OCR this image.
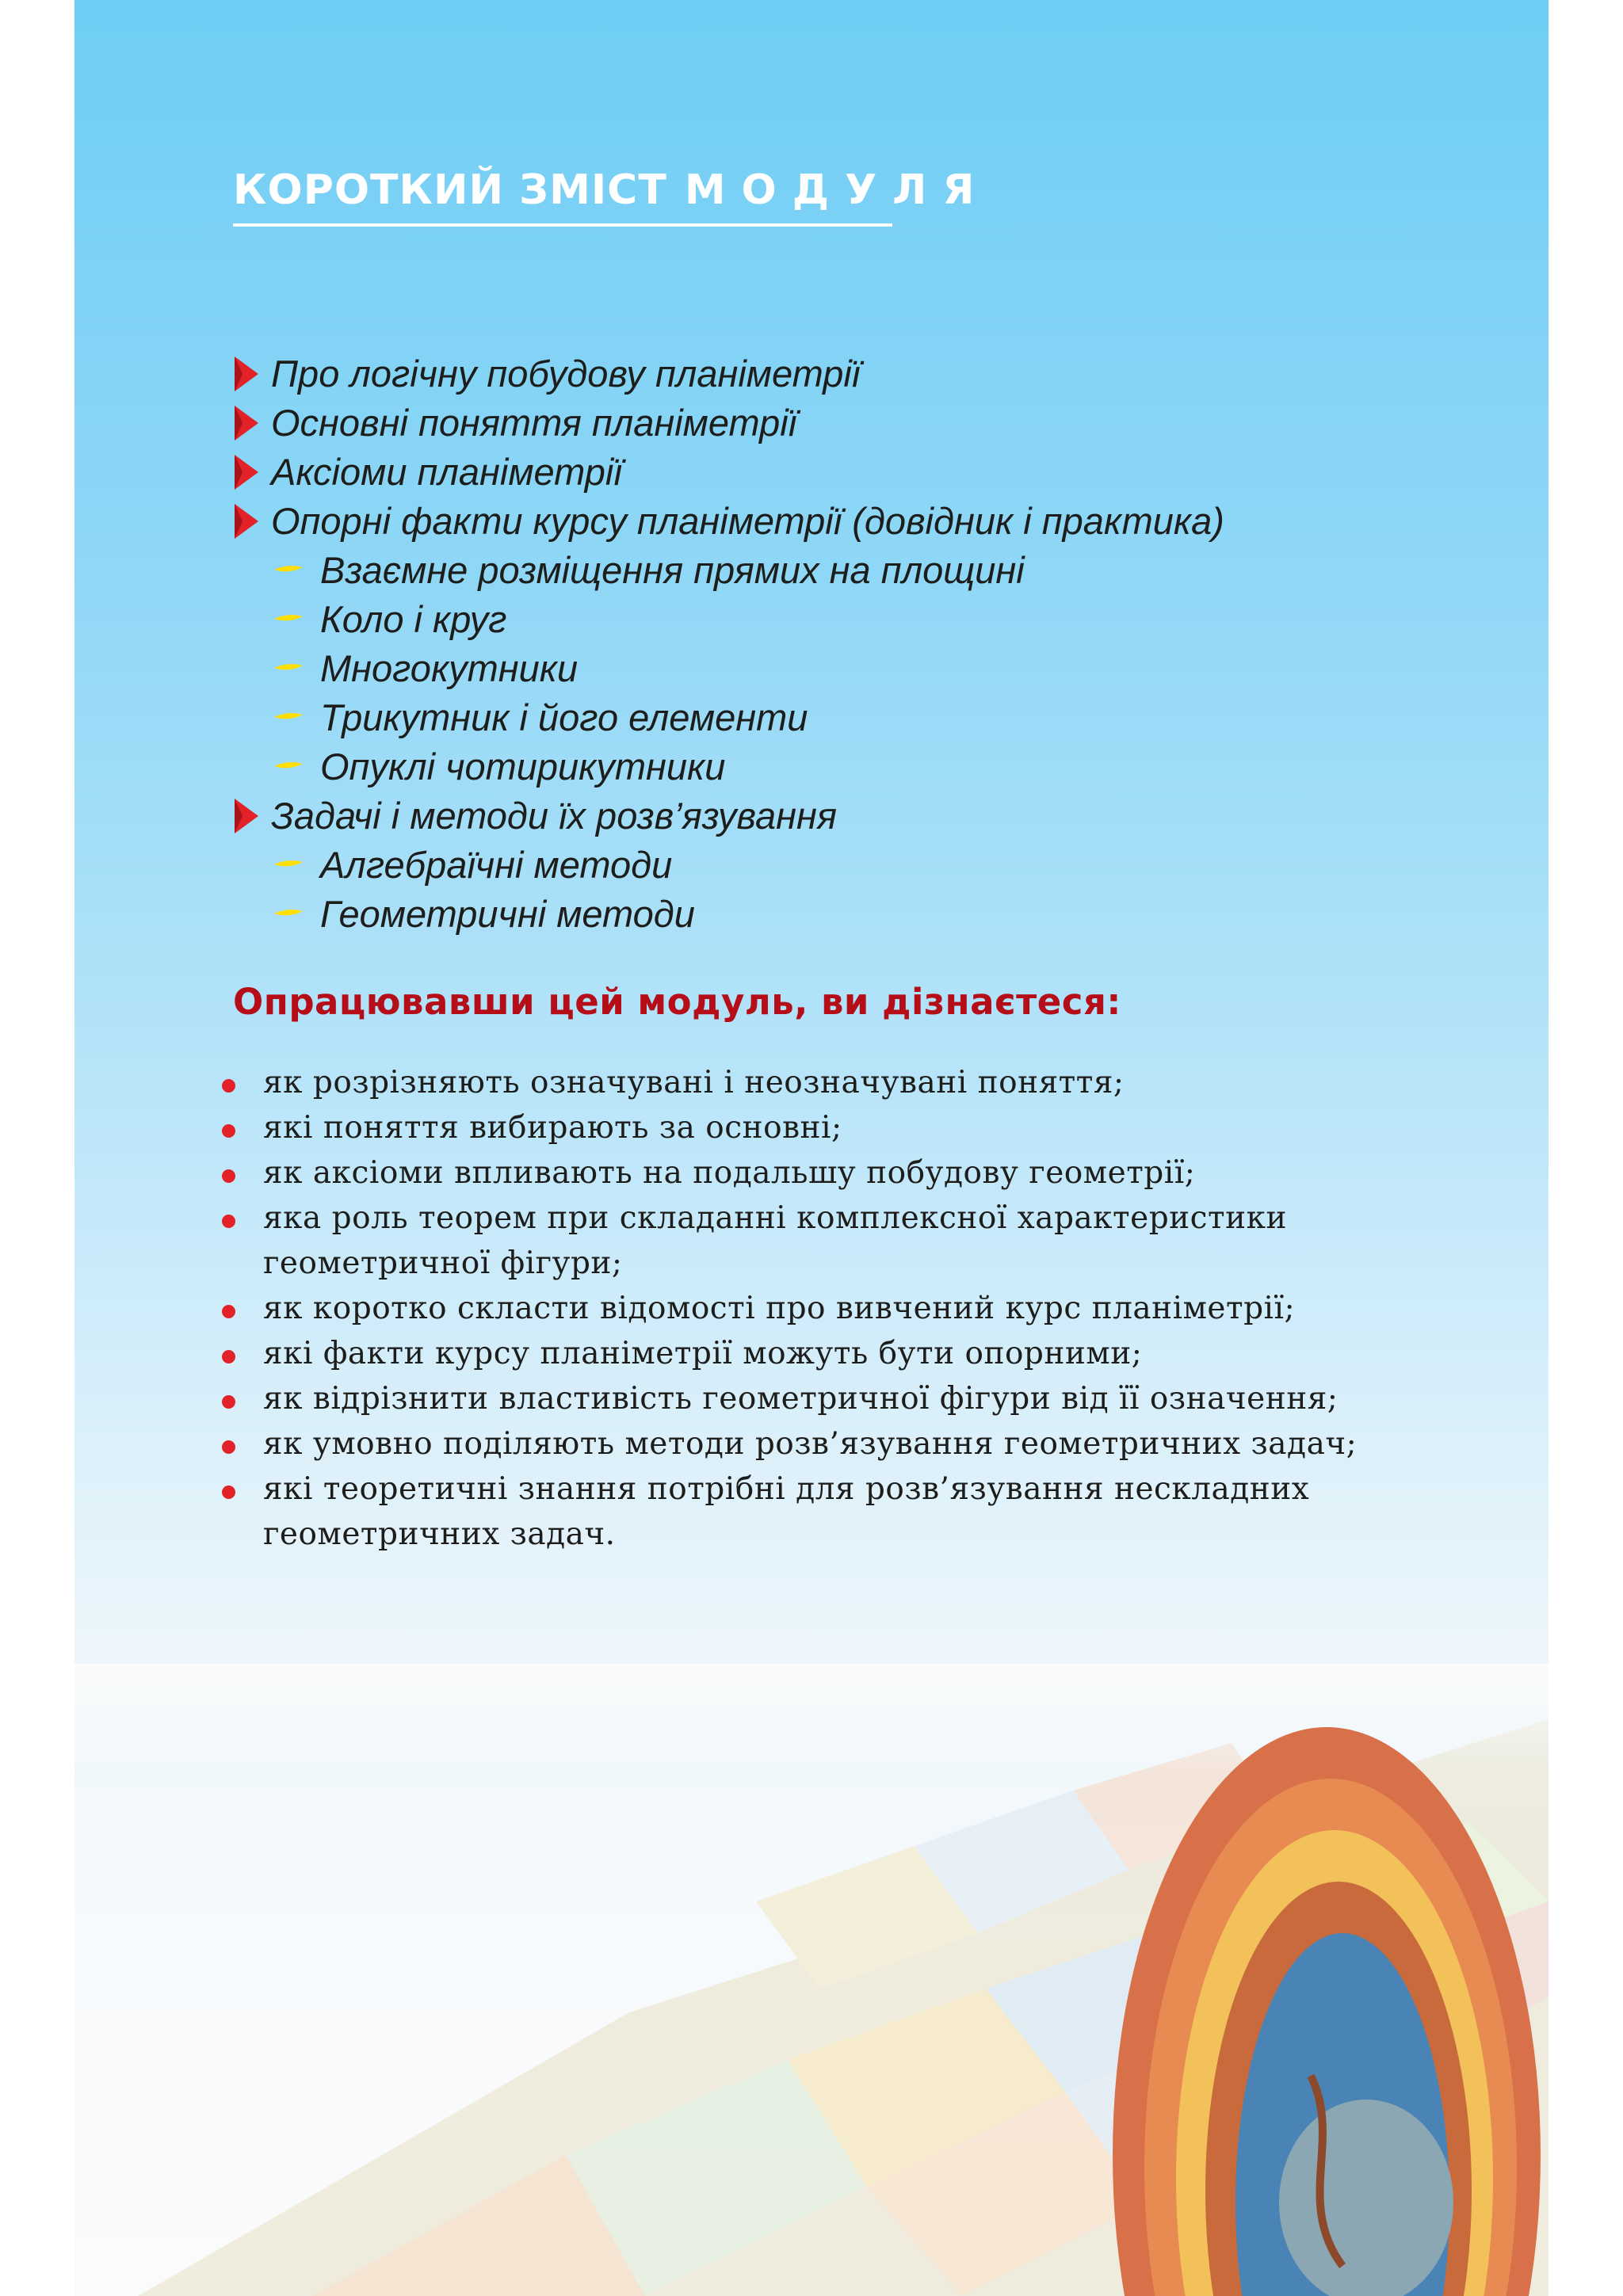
КОРОТКИЙ ЗМІСТ МОДУЛЯ
Про логічну побудову планіметрії
Основні поняття планіметрії
Аксіоми планіметрії
Опорні факти курсу планіметрії (довідник і практика)
Взаємне розміщення прямих на площині
Коло і круг
Многокутники
Трикутник і його елементи
Опуклі чотирикутники
Задачі і методи їх розв’язування
Алгебраїчні методи
Геометричні методи
Опрацювавши цей модуль, ви дізнаєтеся:
як розрізняють означувані і неозначувані поняття;
які поняття вибирають за основні;
як аксіоми впливають на подальшу побудову геометрії;
яка роль теорем при складанні комплексної характеристики геометричної фігури;
як коротко скласти відомості про вивчений курс планіметрії;
які факти курсу планіметрії можуть бути опорними;
як відрізнити властивість геометричної фігури від її означення;
як умовно поділяють методи розв’язування геометричних задач;
які теоретичні знання потрібні для розв’язування нескладних геометричних задач.
